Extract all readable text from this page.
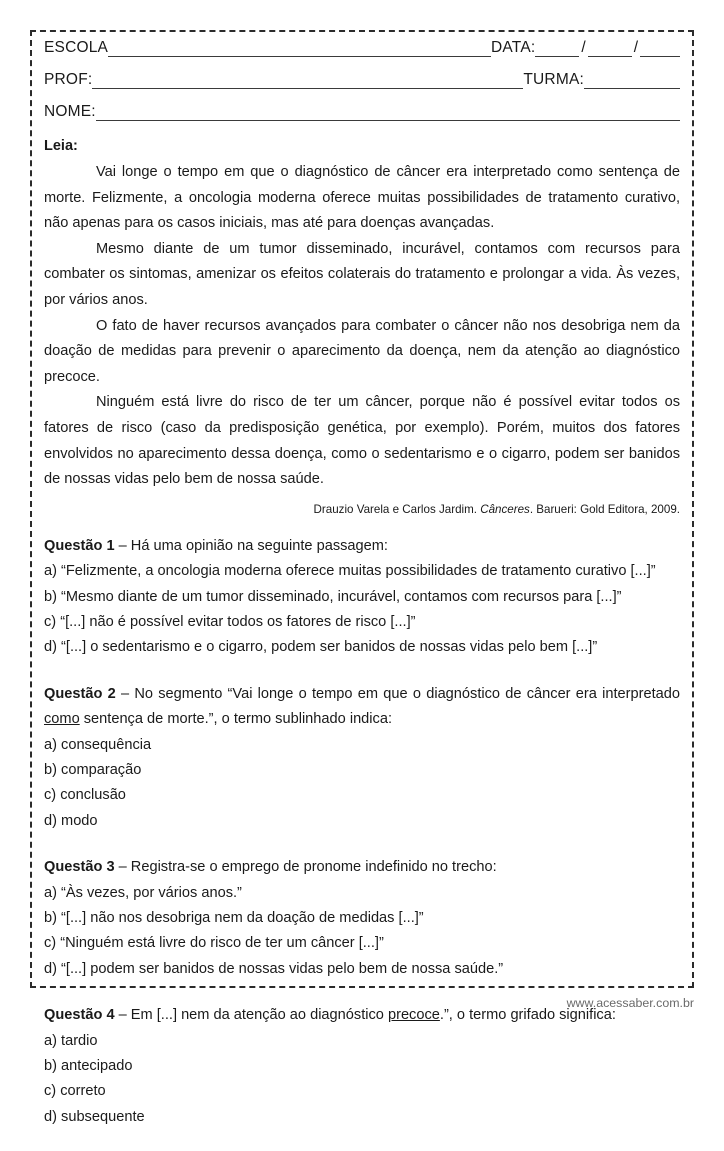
ESCOLA	DATA:	/	/
PROF:	TURMA:
NOME:
Leia:

Vai longe o tempo em que o diagnóstico de câncer era interpretado como sentença de morte. Felizmente, a oncologia moderna oferece muitas possibilidades de tratamento curativo, não apenas para os casos iniciais, mas até para doenças avançadas.

Mesmo diante de um tumor disseminado, incurável, contamos com recursos para combater os sintomas, amenizar os efeitos colaterais do tratamento e prolongar a vida. Às vezes, por vários anos.

O fato de haver recursos avançados para combater o câncer não nos desobriga nem da doação de medidas para prevenir o aparecimento da doença, nem da atenção ao diagnóstico precoce.

Ninguém está livre do risco de ter um câncer, porque não é possível evitar todos os fatores de risco (caso da predisposição genética, por exemplo). Porém, muitos dos fatores envolvidos no aparecimento dessa doença, como o sedentarismo e o cigarro, podem ser banidos de nossas vidas pelo bem de nossa saúde.

Drauzio Varela e Carlos Jardim. Cânceres. Barueri: Gold Editora, 2009.
Questão 1 – Há uma opinião na seguinte passagem:
a) “Felizmente, a oncologia moderna oferece muitas possibilidades de tratamento curativo [...]”
b) “Mesmo diante de um tumor disseminado, incurável, contamos com recursos para [...]”
c) “[...] não é possível evitar todos os fatores de risco [...]”
d) “[...] o sedentarismo e o cigarro, podem ser banidos de nossas vidas pelo bem [...]”
Questão 2 – No segmento “Vai longe o tempo em que o diagnóstico de câncer era interpretado como sentença de morte.”, o termo sublinhado indica:
a) consequência
b) comparação
c) conclusão
d) modo
Questão 3 – Registra-se o emprego de pronome indefinido no trecho:
a) “Às vezes, por vários anos.”
b) “[...] não nos desobriga nem da doação de medidas [...]”
c) “Ninguém está livre do risco de ter um câncer [...]”
d) “[...] podem ser banidos de nossas vidas pelo bem de nossa saúde.”
Questão 4 – Em [...] nem da atenção ao diagnóstico precoce.”, o termo grifado significa:
a) tardio
b) antecipado
c) correto
d) subsequente
www.acessaber.com.br
